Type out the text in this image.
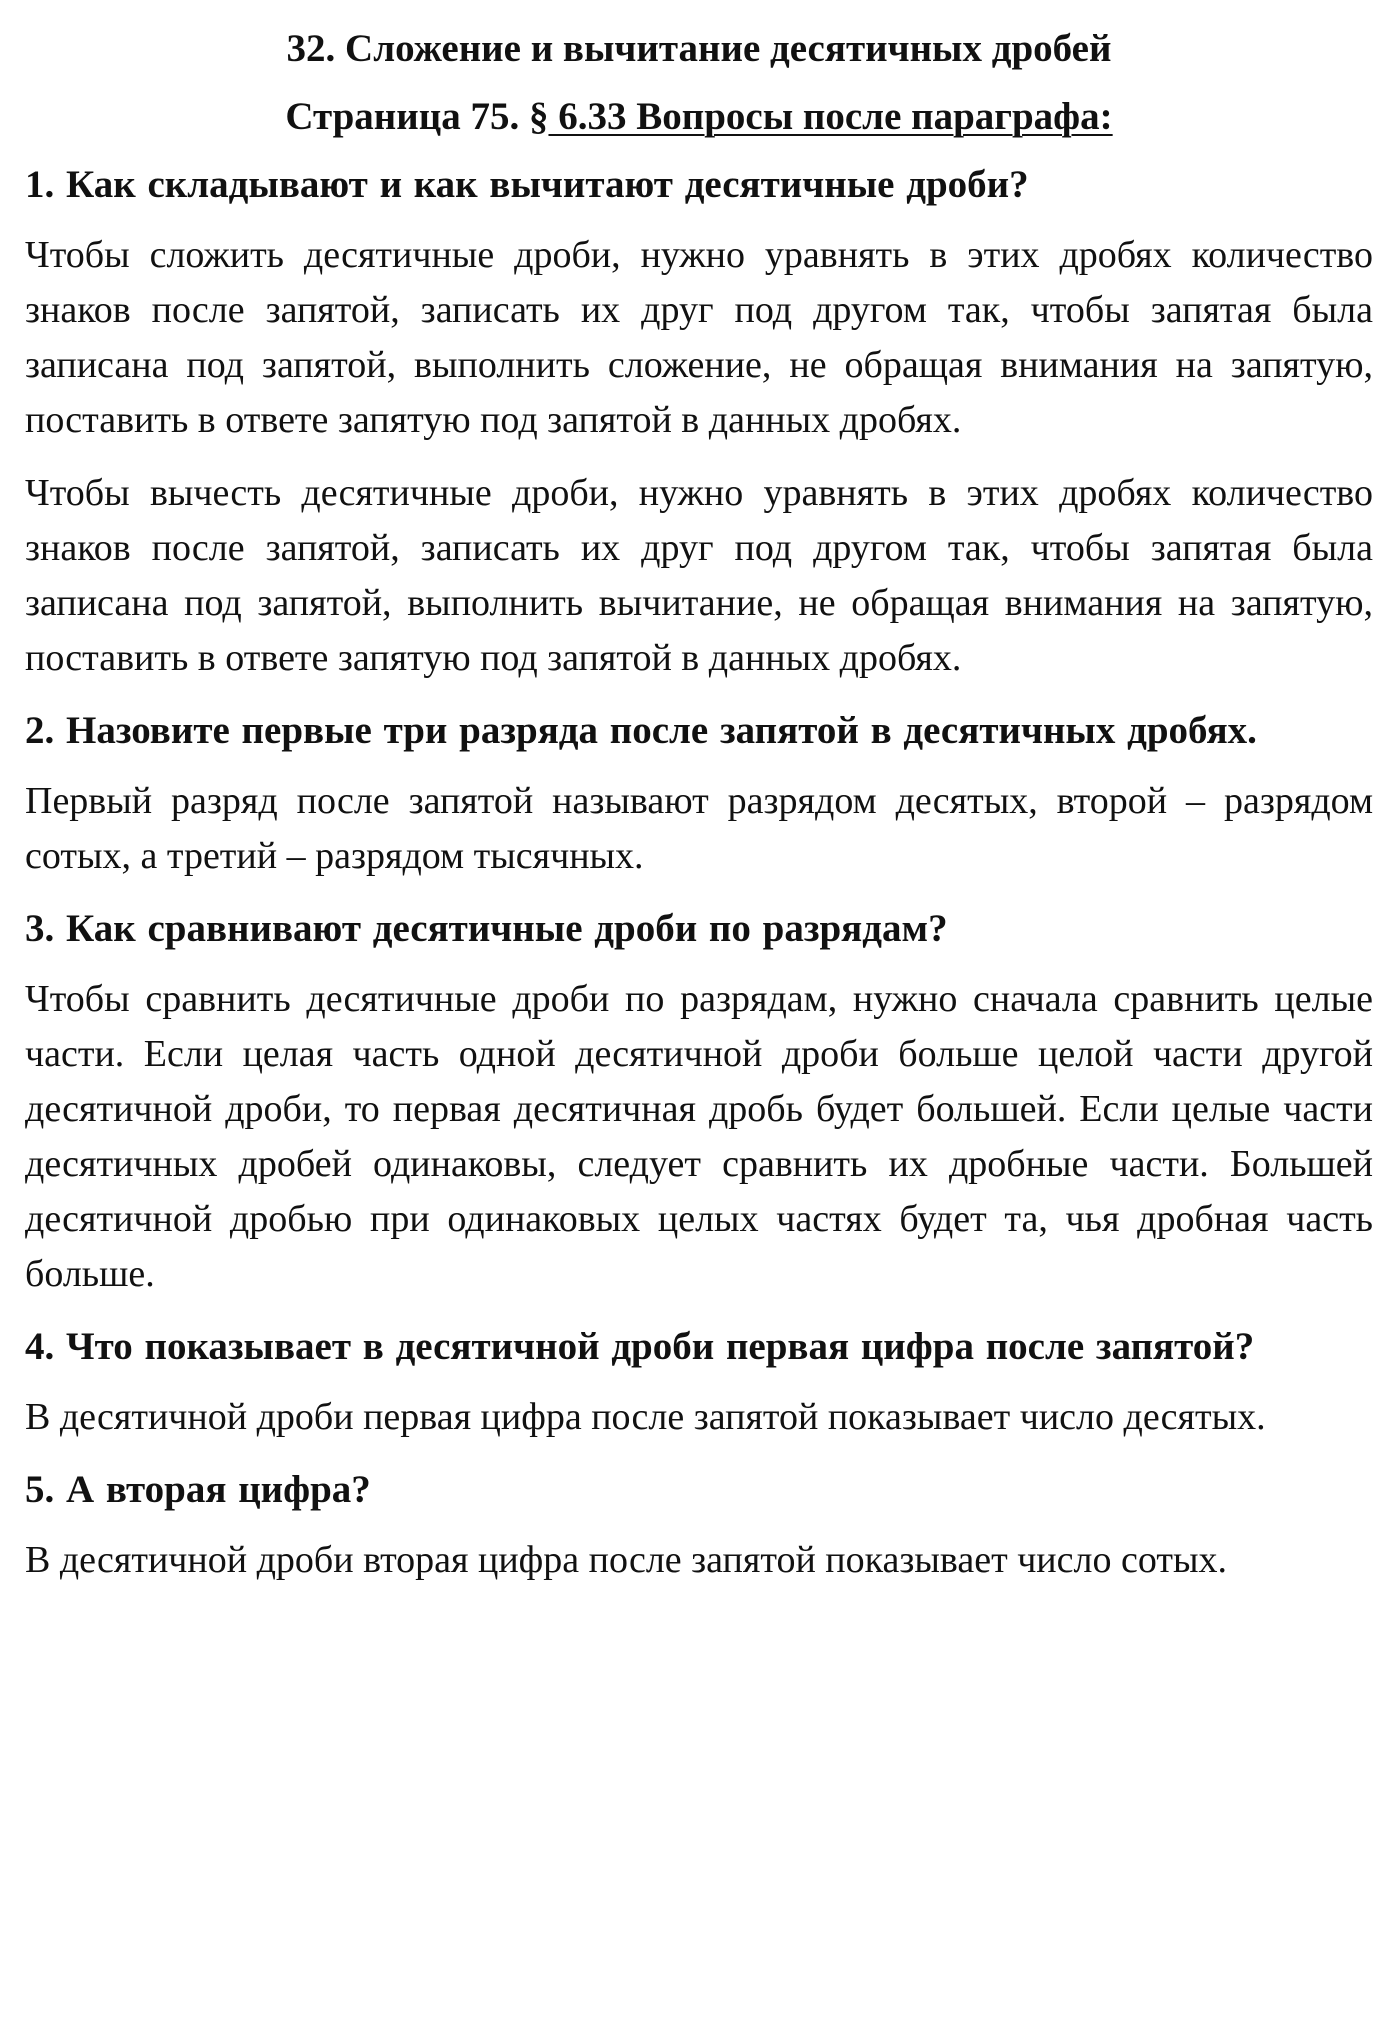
32. Сложение и вычитание десятичных дробей
Страница 75. § 6.33 Вопросы после параграфа:

1. Как складывают и как вычитают десятичные дроби?

Чтобы сложить десятичные дроби, нужно уравнять в этих дробях количество знаков после запятой, записать их друг под другом так, чтобы запятая была записана под запятой, выполнить сложение, не обращая внимания на запятую, поставить в ответе запятую под запятой в данных дробях.

Чтобы вычесть десятичные дроби, нужно уравнять в этих дробях количество знаков после запятой, записать их друг под другом так, чтобы запятая была записана под запятой, выполнить вычитание, не обращая внимания на запятую, поставить в ответе запятую под запятой в данных дробях.

2. Назовите первые три разряда после запятой в десятичных дробях.

Первый разряд после запятой называют разрядом десятых, второй – разрядом сотых, а третий – разрядом тысячных.

3. Как сравнивают десятичные дроби по разрядам?

Чтобы сравнить десятичные дроби по разрядам, нужно сначала сравнить целые части. Если целая часть одной десятичной дроби больше целой части другой десятичной дроби, то первая десятичная дробь будет большей. Если целые части десятичных дробей одинаковы, следует сравнить их дробные части. Большей десятичной дробью при одинаковых целых частях будет та, чья дробная часть больше.

4. Что показывает в десятичной дроби первая цифра после запятой?

В десятичной дроби первая цифра после запятой показывает число десятых.

5. А вторая цифра?

В десятичной дроби вторая цифра после запятой показывает число сотых.
